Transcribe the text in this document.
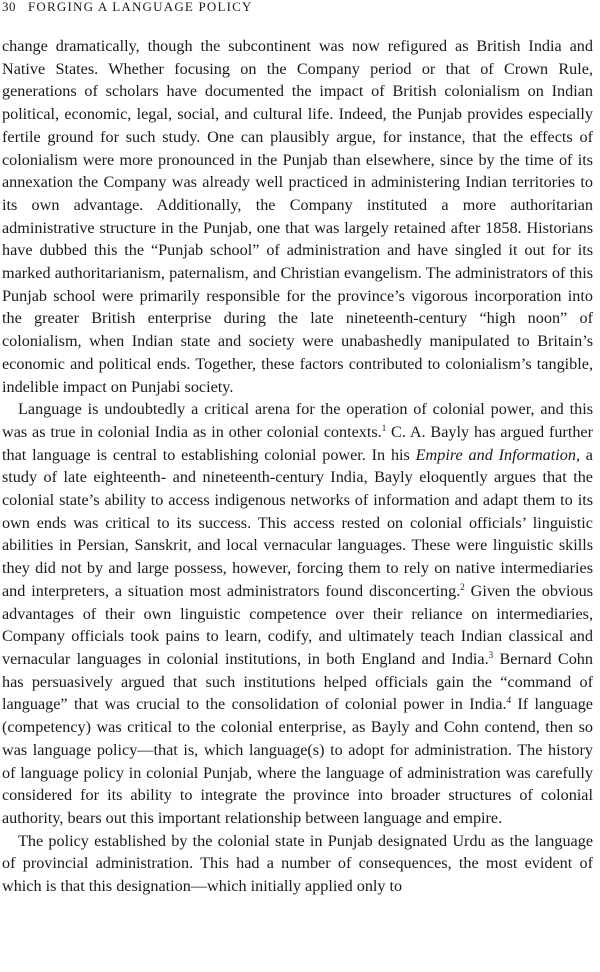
30 FORGING A LANGUAGE POLICY

change dramatically, though the subcontinent was now refigured as British India and Native States. Whether focusing on the Company period or that of Crown Rule, generations of scholars have documented the impact of British colonialism on Indian political, economic, legal, social, and cultural life. Indeed, the Punjab provides especially fertile ground for such study. One can plausibly argue, for instance, that the effects of colonialism were more pronounced in the Punjab than elsewhere, since by the time of its annexation the Company was already well practiced in administering Indian territories to its own advantage. Additionally, the Company instituted a more authoritarian administrative structure in the Punjab, one that was largely retained after 1858. Historians have dubbed this the “Punjab school” of administration and have singled it out for its marked authoritarianism, paternalism, and Christian evangelism. The administrators of this Punjab school were primarily responsible for the province’s vigorous incorporation into the greater British enterprise during the late nineteenth-century “high noon” of colonialism, when Indian state and society were unabashedly manipulated to Britain’s economic and political ends. Together, these factors contributed to colonialism’s tangible, indelible impact on Punjabi society.

Language is undoubtedly a critical arena for the operation of colonial power, and this was as true in colonial India as in other colonial contexts.$^1$ C. A. Bayly has argued further that language is central to establishing colonial power. In his Empire and Information, a study of late eighteenth- and nineteenth-century India, Bayly eloquently argues that the colonial state’s ability to access indigenous networks of information and adapt them to its own ends was critical to its success. This access rested on colonial officials’ linguistic abilities in Persian, Sanskrit, and local vernacular languages. These were linguistic skills they did not by and large possess, however, forcing them to rely on native intermediaries and interpreters, a situation most administrators found disconcerting.$^2$ Given the obvious advantages of their own linguistic competence over their reliance on intermediaries, Company officials took pains to learn, codify, and ultimately teach Indian classical and vernacular languages in colonial institutions, in both England and India.$^3$ Bernard Cohn has persuasively argued that such institutions helped officials gain the “command of language” that was crucial to the consolidation of colonial power in India.$^4$ If language (competency) was critical to the colonial enterprise, as Bayly and Cohn contend, then so was language policy—that is, which language(s) to adopt for administration. The history of language policy in colonial Punjab, where the language of administration was carefully considered for its ability to integrate the province into broader structures of colonial authority, bears out this important relationship between language and empire.

The policy established by the colonial state in Punjab designated Urdu as the language of provincial administration. This had a number of consequences, the most evident of which is that this designation—which initially applied only to
